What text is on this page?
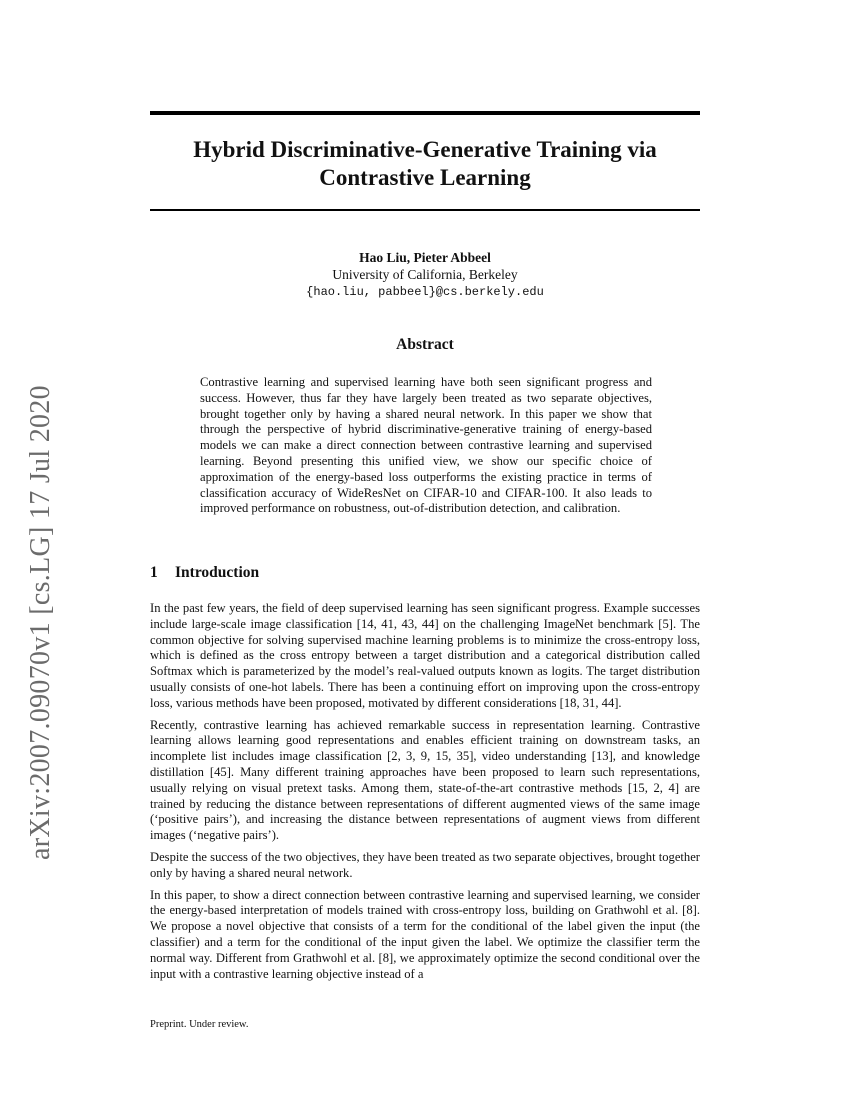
arXiv:2007.09070v1 [cs.LG] 17 Jul 2020
Hybrid Discriminative-Generative Training via
Contrastive Learning
Hao Liu, Pieter Abbeel
University of California, Berkeley
{hao.liu, pabbeel}@cs.berkely.edu
Abstract

Contrastive learning and supervised learning have both seen significant progress and success. However, thus far they have largely been treated as two separate objectives, brought together only by having a shared neural network. In this paper we show that through the perspective of hybrid discriminative-generative training of energy-based models we can make a direct connection between contrastive learning and supervised learning. Beyond presenting this unified view, we show our specific choice of approximation of the energy-based loss outperforms the existing practice in terms of classification accuracy of WideResNet on CIFAR-10 and CIFAR-100. It also leads to improved performance on robustness, out-of-distribution detection, and calibration.

1 Introduction

In the past few years, the field of deep supervised learning has seen significant progress. Example successes include large-scale image classification [14, 41, 43, 44] on the challenging ImageNet benchmark [5]. The common objective for solving supervised machine learning problems is to minimize the cross-entropy loss, which is defined as the cross entropy between a target distribution and a categorical distribution called Softmax which is parameterized by the model’s real-valued outputs known as logits. The target distribution usually consists of one-hot labels. There has been a continuing effort on improving upon the cross-entropy loss, various methods have been proposed, motivated by different considerations [18, 31, 44].

Recently, contrastive learning has achieved remarkable success in representation learning. Contrastive learning allows learning good representations and enables efficient training on downstream tasks, an incomplete list includes image classification [2, 3, 9, 15, 35], video understanding [13], and knowledge distillation [45]. Many different training approaches have been proposed to learn such representations, usually relying on visual pretext tasks. Among them, state-of-the-art contrastive methods [15, 2, 4] are trained by reducing the distance between representations of different augmented views of the same image (‘positive pairs’), and increasing the distance between representations of augment views from different images (‘negative pairs’).

Despite the success of the two objectives, they have been treated as two separate objectives, brought together only by having a shared neural network.

In this paper, to show a direct connection between contrastive learning and supervised learning, we consider the energy-based interpretation of models trained with cross-entropy loss, building on Grathwohl et al. [8]. We propose a novel objective that consists of a term for the conditional of the label given the input (the classifier) and a term for the conditional of the input given the label. We optimize the classifier term the normal way. Different from Grathwohl et al. [8], we approximately optimize the second conditional over the input with a contrastive learning objective instead of a

Preprint. Under review.
